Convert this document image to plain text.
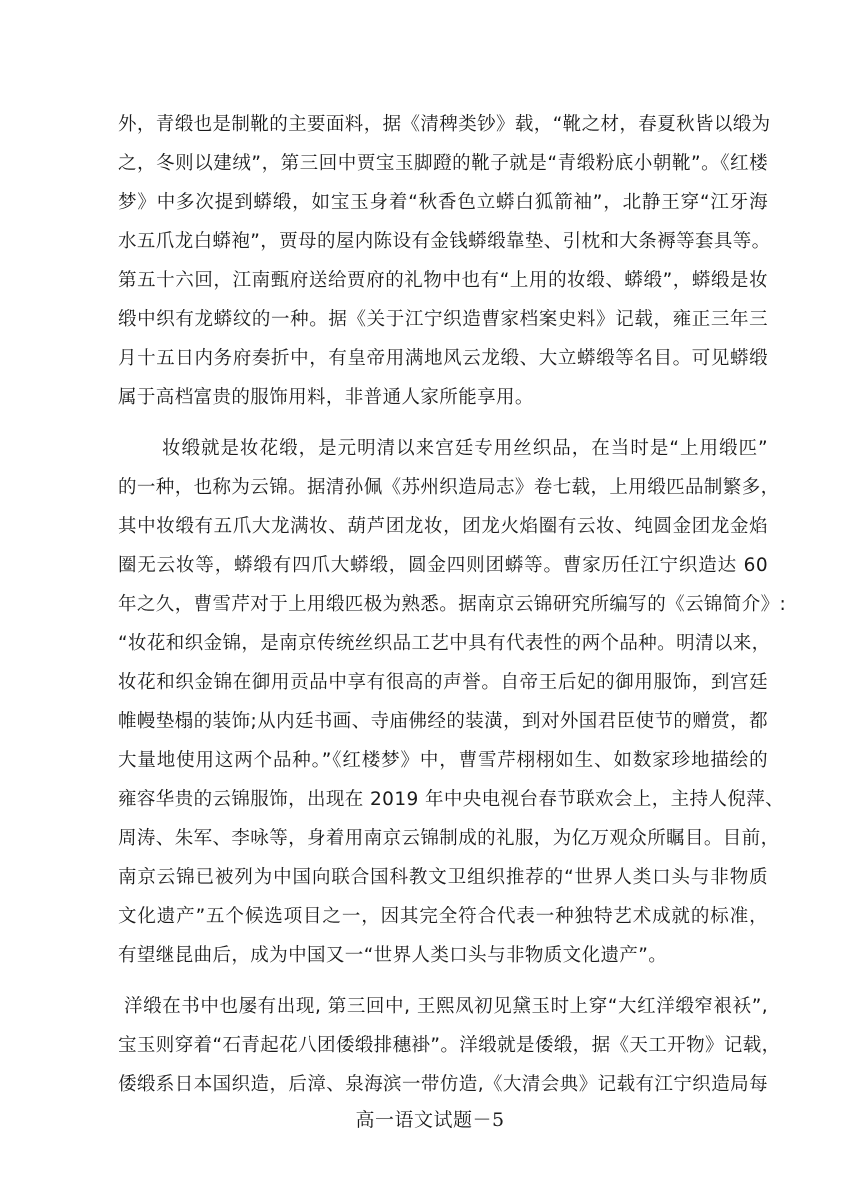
外，青缎也是制靴的主要面料，据《清稗类钞》载，“靴之材，春夏秋皆以缎为
之，冬则以建绒”，第三回中贾宝玉脚蹬的靴子就是“青缎粉底小朝靴”。《红楼
梦》中多次提到蟒缎，如宝玉身着“秋香色立蟒白狐箭袖”，北静王穿“江牙海
水五爪龙白蟒袍”，贾母的屋内陈设有金钱蟒缎靠垫、引枕和大条褥等套具等。
第五十六回，江南甄府送给贾府的礼物中也有“上用的妆缎、蟒缎”，蟒缎是妆
缎中织有龙蟒纹的一种。据《关于江宁织造曹家档案史料》记载，雍正三年三
月十五日内务府奏折中，有皇帝用满地风云龙缎、大立蟒缎等名目。可见蟒缎
属于高档富贵的服饰用料，非普通人家所能享用。
妆缎就是妆花缎，是元明清以来宫廷专用丝织品，在当时是“上用缎匹”
的一种，也称为云锦。据清孙佩《苏州织造局志》卷七载，上用缎匹品制繁多，
其中妆缎有五爪大龙满妆、葫芦团龙妆，团龙火焰圈有云妆、纯圆金团龙金焰
圈无云妆等，蟒缎有四爪大蟒缎，圆金四则团蟒等。曹家历任江宁织造达 60
年之久，曹雪芹对于上用缎匹极为熟悉。据南京云锦研究所编写的《云锦简介》:
“妆花和织金锦，是南京传统丝织品工艺中具有代表性的两个品种。明清以来，
妆花和织金锦在御用贡品中享有很高的声誉。自帝王后妃的御用服饰，到宫廷
帷幔垫榻的装饰;从内廷书画、寺庙佛经的装潢，到对外国君臣使节的赠赏，都
大量地使用这两个品种。”《红楼梦》中，曹雪芹栩栩如生、如数家珍地描绘的
雍容华贵的云锦服饰，出现在 2019 年中央电视台春节联欢会上，主持人倪萍、
周涛、朱军、李咏等，身着用南京云锦制成的礼服，为亿万观众所瞩目。目前，
南京云锦已被列为中国向联合国科教文卫组织推荐的“世界人类口头与非物质
文化遗产”五个候选项目之一，因其完全符合代表一种独特艺术成就的标准，
有望继昆曲后，成为中国又一“世界人类口头与非物质文化遗产”。
洋缎在书中也屡有出现, 第三回中, 王熙凤初见黛玉时上穿“大红洋缎窄裉袄”,
宝玉则穿着“石青起花八团倭缎排穗褂”。洋缎就是倭缎，据《天工开物》记载，
倭缎系日本国织造，后漳、泉海滨一带仿造,《大清会典》记载有江宁织造局每
高一语文试题－5
